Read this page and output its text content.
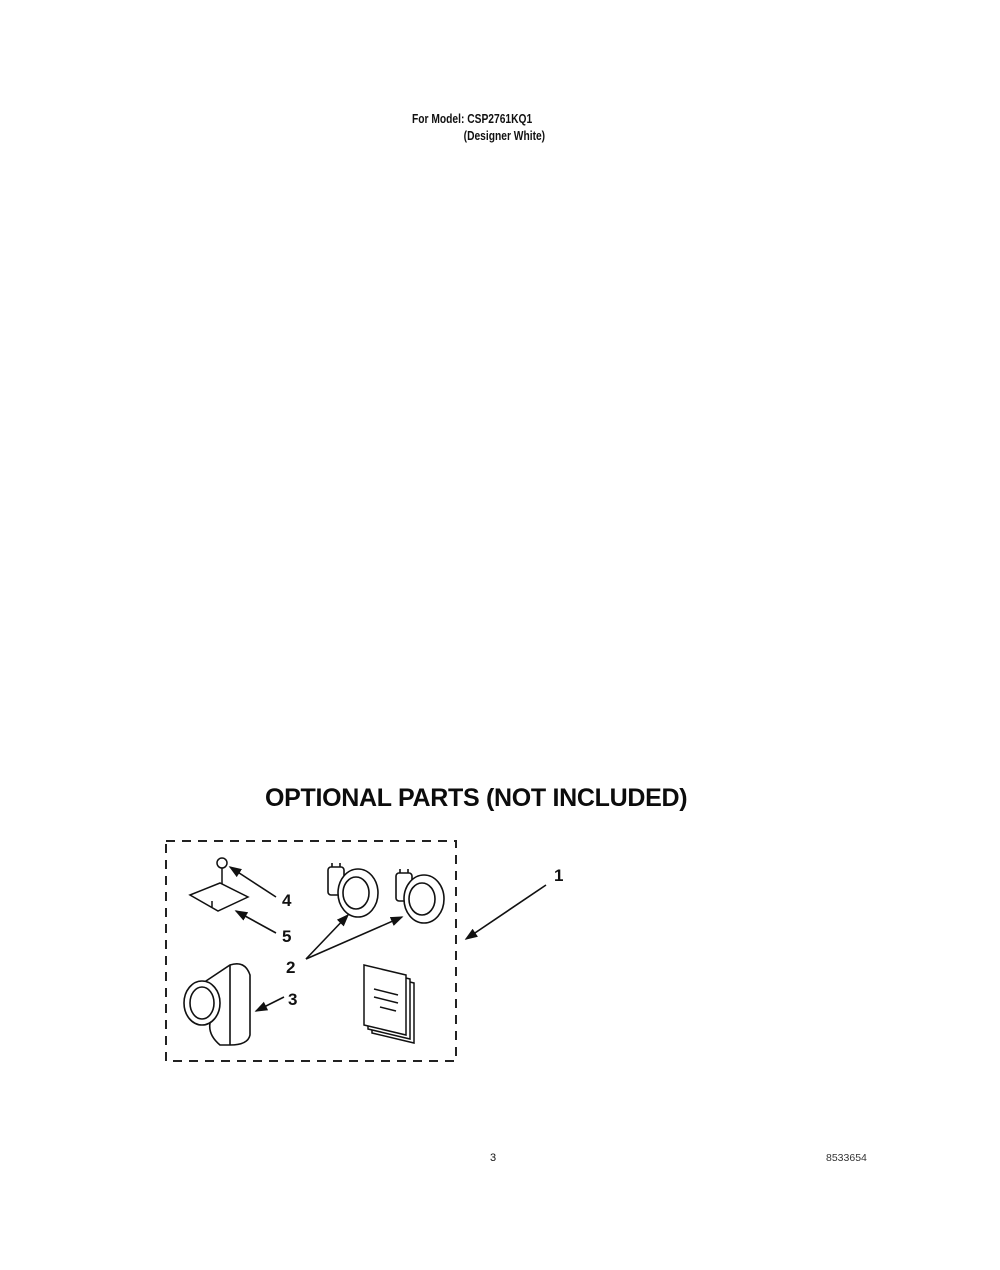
For Model: CSP2761KQ1
(Designer White)
OPTIONAL PARTS (NOT INCLUDED)
1
2
3
4
5
3	8533654
